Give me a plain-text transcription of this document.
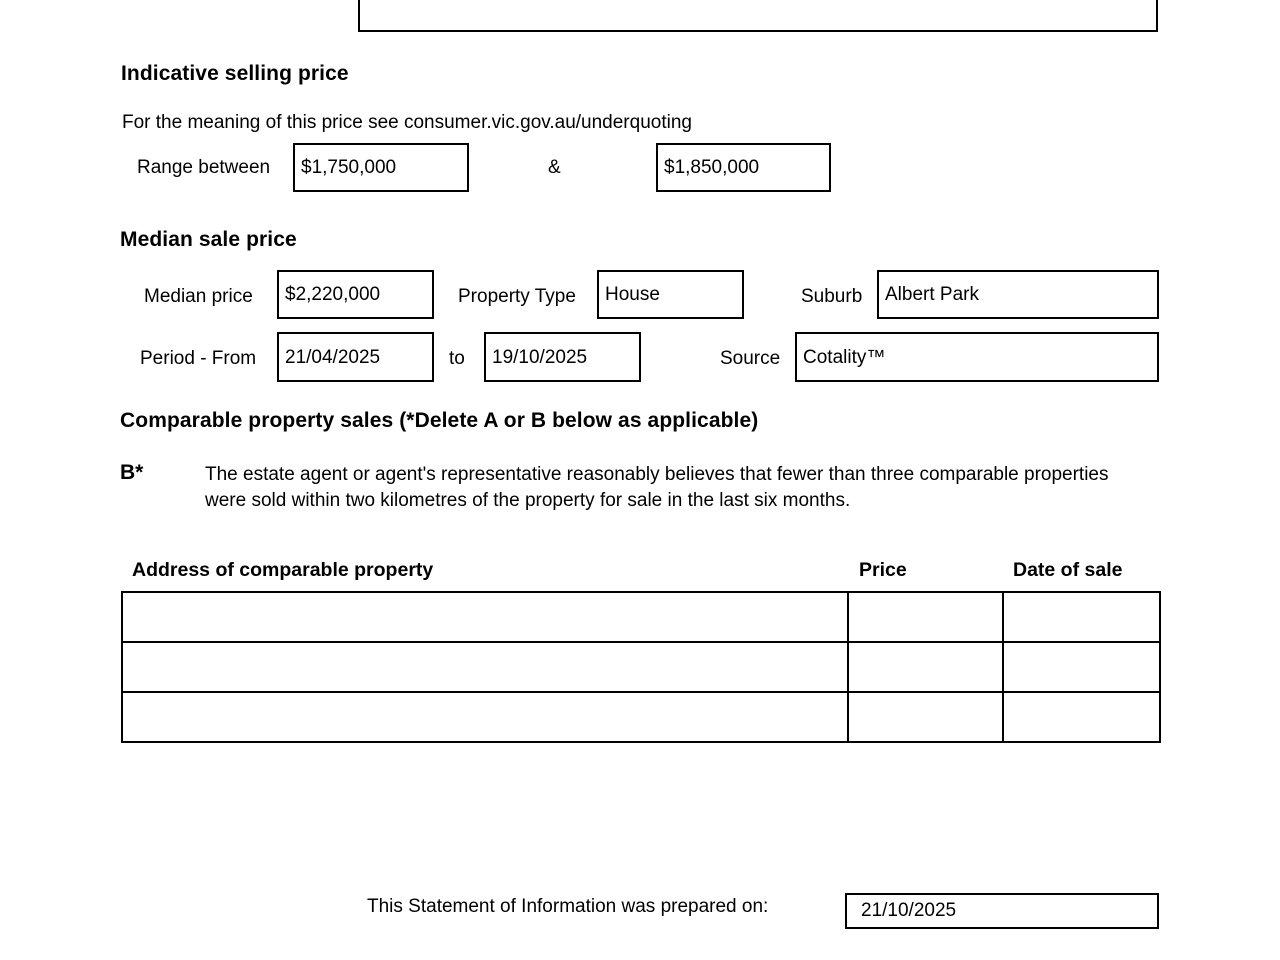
Indicative selling price
For the meaning of this price see consumer.vic.gov.au/underquoting
Range between	$1,750,000	&	$1,850,000
Median sale price
Median price	$2,220,000	Property Type	House	Suburb	Albert Park
Period - From	21/04/2025	to	19/10/2025	Source	Cotality™
Comparable property sales (*Delete A or B below as applicable)
B*	The estate agent or agent's representative reasonably believes that fewer than three comparable properties were sold within two kilometres of the property for sale in the last six months.
Address of comparable property	Price	Date of sale

This Statement of Information was prepared on:	21/10/2025
